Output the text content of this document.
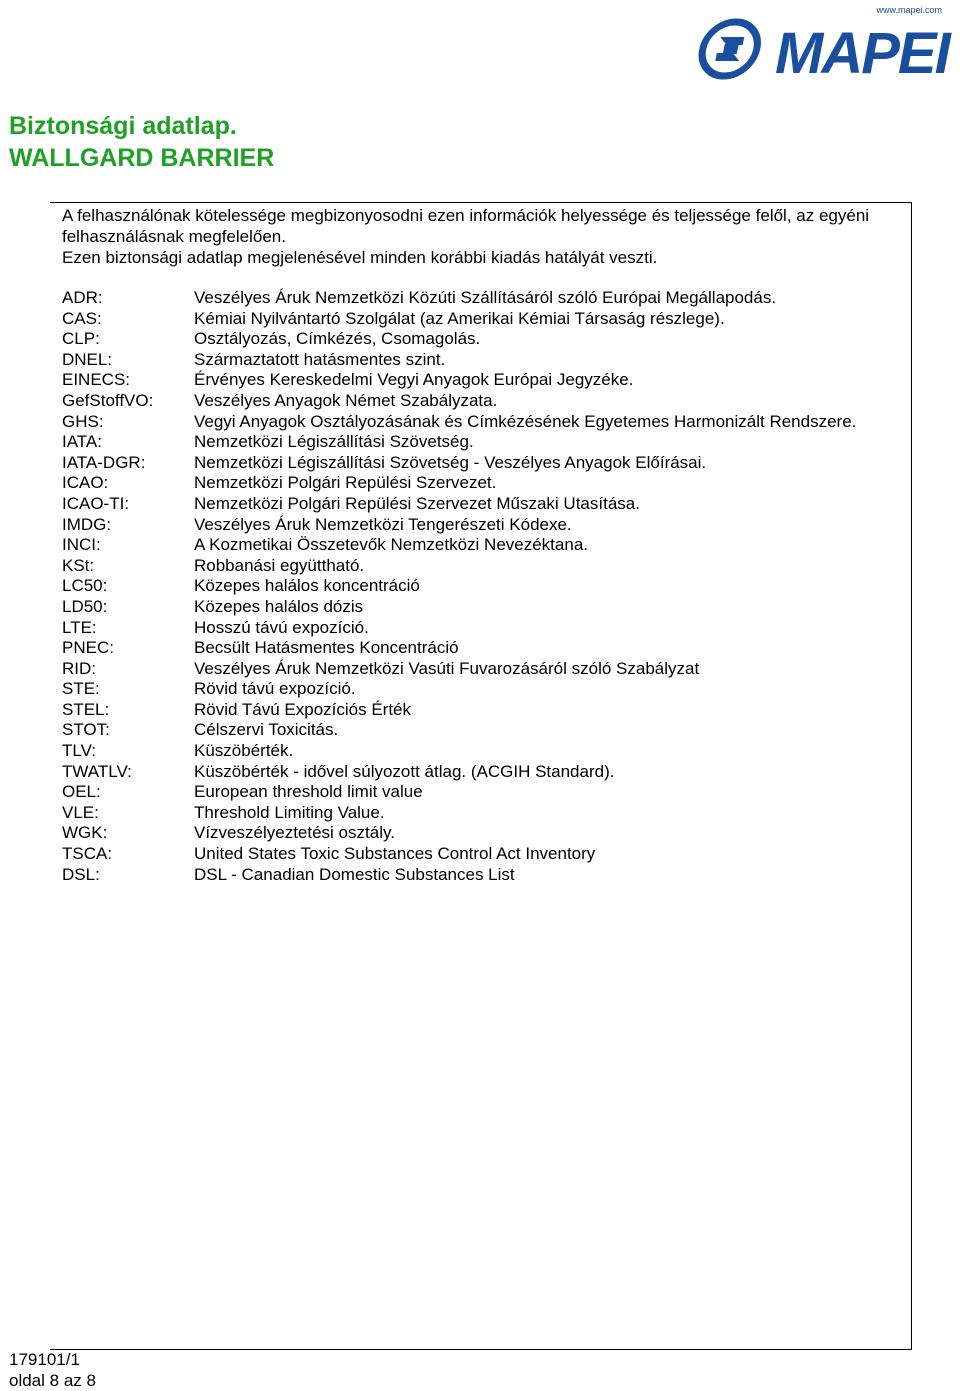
www.mapei.com
MAPEI
Biztonsági adatlap.
WALLGARD BARRIER

A felhasználónak kötelessége megbizonyosodni ezen információk helyessége és teljessége felől, az egyéni felhasználásnak megfelelően.

Ezen biztonsági adatlap megjelenésével minden korábbi kiadás hatályát veszti.

ADR:	Veszélyes Áruk Nemzetközi Közúti Szállításáról szóló Európai Megállapodás.
CAS:	Kémiai Nyilvántartó Szolgálat (az Amerikai Kémiai Társaság részlege).
CLP:	Osztályozás, Címkézés, Csomagolás.
DNEL:	Származtatott hatásmentes szint.
EINECS:	Érvényes Kereskedelmi Vegyi Anyagok Európai Jegyzéke.
GefStoffVO:	Veszélyes Anyagok Német Szabályzata.
GHS:	Vegyi Anyagok Osztályozásának és Címkézésének Egyetemes Harmonizált Rendszere.
IATA:	Nemzetközi Légiszállítási Szövetség.
IATA-DGR:	Nemzetközi Légiszállítási Szövetség - Veszélyes Anyagok Előírásai.
ICAO:	Nemzetközi Polgári Repülési Szervezet.
ICAO-TI:	Nemzetközi Polgári Repülési Szervezet Műszaki Utasítása.
IMDG:	Veszélyes Áruk Nemzetközi Tengerészeti Kódexe.
INCI:	A Kozmetikai Összetevők Nemzetközi Nevezéktana.
KSt:	Robbanási együttható.
LC50:	Közepes halálos koncentráció
LD50:	Közepes halálos dózis
LTE:	Hosszú távú expozíció.
PNEC:	Becsült Hatásmentes Koncentráció
RID:	Veszélyes Áruk Nemzetközi Vasúti Fuvarozásáról szóló Szabályzat
STE:	Rövid távú expozíció.
STEL:	Rövid Távú Expozíciós Érték
STOT:	Célszervi Toxicitás.
TLV:	Küszöbérték.
TWATLV:	Küszöbérték - idővel súlyozott átlag. (ACGIH Standard).
OEL:	European threshold limit value
VLE:	Threshold Limiting Value.
WGK:	Vízveszélyeztetési osztály.
TSCA:	United States Toxic Substances Control Act Inventory
DSL:	DSL - Canadian Domestic Substances List
179101/1
oldal 8 az 8
